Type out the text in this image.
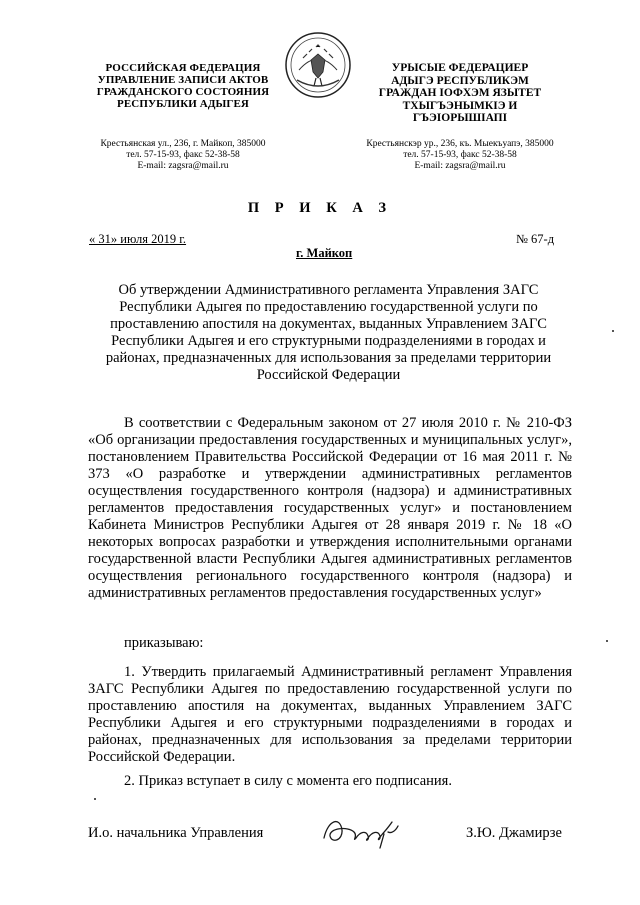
РОССИЙСКАЯ ФЕДЕРАЦИЯ
УПРАВЛЕНИЕ ЗАПИСИ АКТОВ
ГРАЖДАНСКОГО СОСТОЯНИЯ
РЕСПУБЛИКИ АДЫГЕЯ
УРЫСЫЕ ФЕДЕРАЦИЕР
АДЫГЭ РЕСПУБЛИКЭМ
ГРАЖДАН ІОФХЭМ ЯЗЫТЕТ
ТХЫГЪЭНЫМКІЭ И
ГЪЭІОРЫШІАПІ
Крестьянская ул., 236, г. Майкоп, 385000
тел. 57-15-93, факс 52-38-58
E-mail: zagsra@mail.ru
Крестьянскэр ур., 236, къ. Мыекъуапэ, 385000
тел. 57-15-93, факс 52-38-58
E-mail: zagsra@mail.ru
П Р И К А З
« 31» июля 2019 г.	№ 67-д
г. Майкоп
Об утверждении Административного регламента Управления ЗАГС Республики Адыгея по предоставлению государственной услуги по проставлению апостиля на документах, выданных Управлением ЗАГС Республики Адыгея и его структурными подразделениями в городах и районах, предназначенных для использования за пределами территории Российской Федерации

В соответствии с Федеральным законом от 27 июля 2010 г. № 210-ФЗ «Об организации предоставления государственных и муниципальных услуг», постановлением Правительства Российской Федерации от 16 мая 2011 г. № 373 «О разработке и утверждении административных регламентов осуществления государственного контроля (надзора) и административных регламентов предоставления государственных услуг» и постановлением Кабинета Министров Республики Адыгея от 28 января 2019 г. № 18 «О некоторых вопросах разработки и утверждения исполнительными органами государственной власти Республики Адыгея административных регламентов осуществления регионального государственного контроля (надзора) и административных регламентов предоставления государственных услуг»

приказываю:

1. Утвердить прилагаемый Административный регламент Управления ЗАГС Республики Адыгея по предоставлению государственной услуги по проставлению апостиля на документах, выданных Управлением ЗАГС Республики Адыгея и его структурными подразделениями в городах и районах, предназначенных для использования за пределами территории Российской Федерации.

2. Приказ вступает в силу с момента его подписания.

И.о. начальника Управления	З.Ю. Джамирзе
